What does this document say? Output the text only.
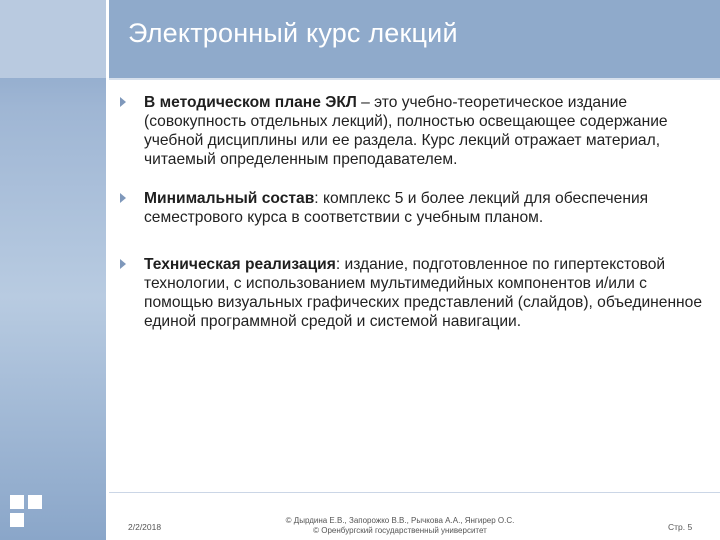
Электронный курс лекций
В методическом плане ЭКЛ – это учебно-теоретическое издание (совокупность отдельных лекций), полностью освещающее содержание учебной дисциплины или ее раздела. Курс лекций отражает материал, читаемый определенным преподавателем.
Минимальный состав: комплекс 5 и более лекций для обеспечения семестрового курса в соответствии с учебным планом.
Техническая реализация: издание, подготовленное по гипертекстовой технологии, с использованием мультимедийных компонентов и/или с помощью визуальных графических представлений (слайдов), объединенное единой программной средой и системой навигации.
2/2/2018
© Дырдина Е.В., Запорожко В.В., Рычкова А.А., Янгирер О.С.
© Оренбургский государственный университет	Стр. 5
